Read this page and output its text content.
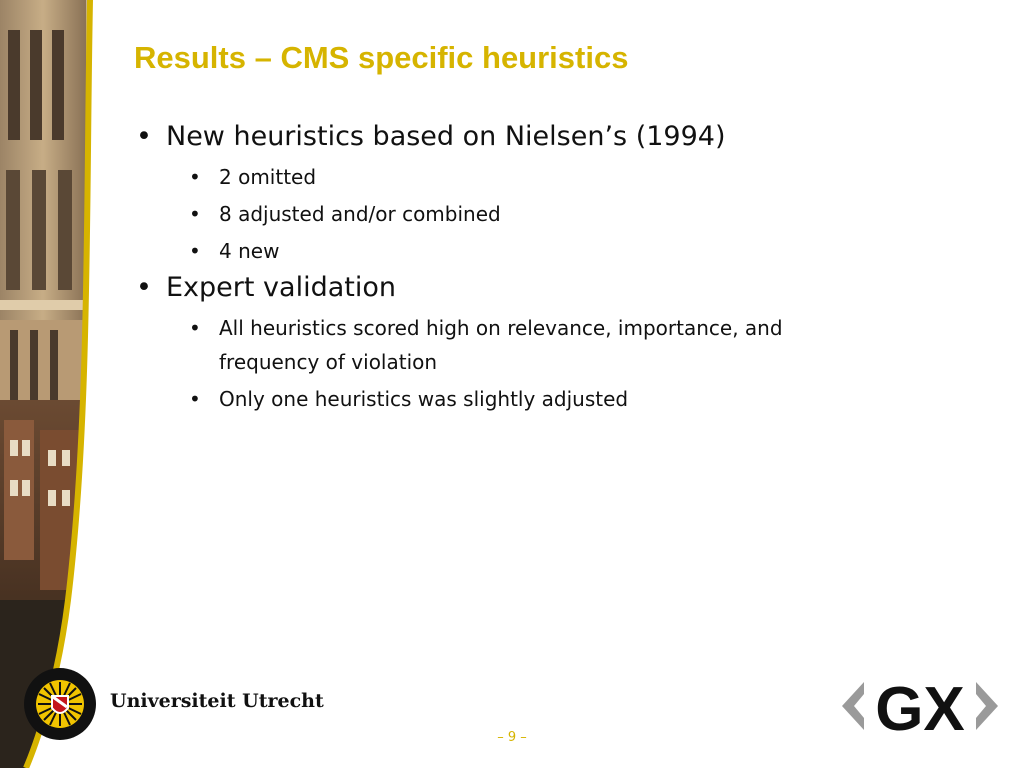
Results – CMS specific heuristics
• New heuristics based on Nielsen’s (1994)
• 2 omitted
• 8 adjusted and/or combined
• 4 new
• Expert validation
• All heuristics scored high on relevance, importance, and frequency of violation
• Only one heuristics was slightly adjusted
Universiteit Utrecht	GX
– 9 –
